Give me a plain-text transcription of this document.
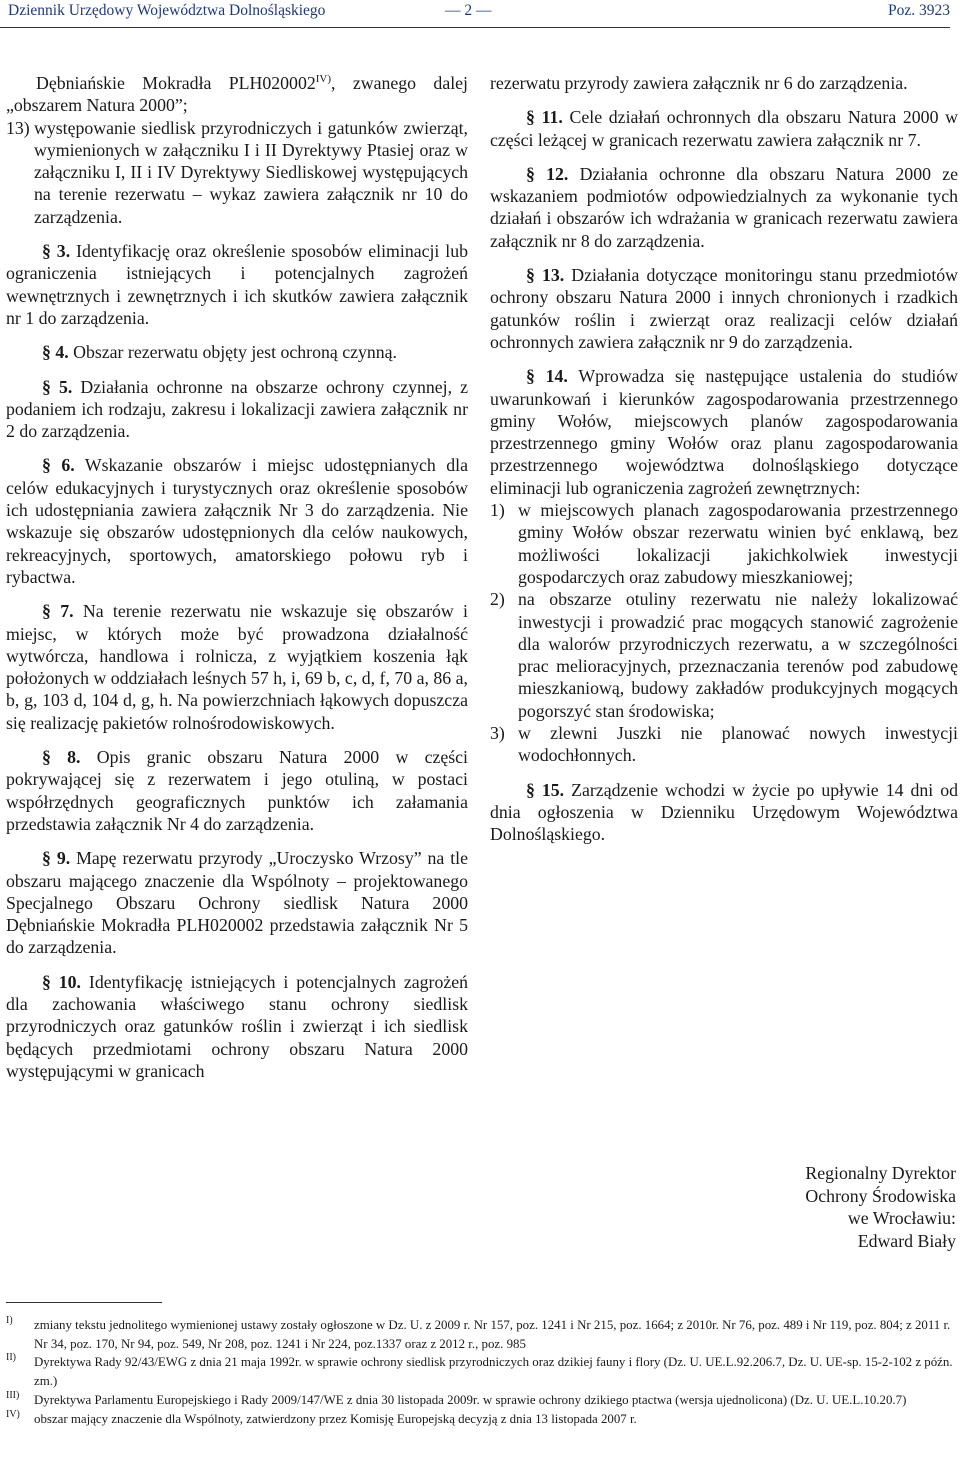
Dziennik Urzędowy Województwa Dolnośląskiego	— 2 —	Poz. 3923

Dębniańskie Mokradła $PLH020002^{IV)}$, zwanego dalej „obszarem Natura 2000”;

13) występowanie siedlisk przyrodniczych i gatunków zwierząt, wymienionych w załączniku I i II Dyrektywy Ptasiej oraz w załączniku I, II i IV Dyrektywy Siedliskowej występujących na terenie rezerwatu – wykaz zawiera załącznik nr 10 do zarządzenia.

§ 3. Identyfikację oraz określenie sposobów eliminacji lub ograniczenia istniejących i potencjalnych zagrożeń wewnętrznych i zewnętrznych i ich skutków zawiera załącznik nr 1 do zarządzenia.

§ 4. Obszar rezerwatu objęty jest ochroną czynną.

§ 5. Działania ochronne na obszarze ochrony czynnej, z podaniem ich rodzaju, zakresu i lokalizacji zawiera załącznik nr 2 do zarządzenia.

§ 6. Wskazanie obszarów i miejsc udostępnianych dla celów edukacyjnych i turystycznych oraz określenie sposobów ich udostępniania zawiera załącznik Nr 3 do zarządzenia. Nie wskazuje się obszarów udostępnionych dla celów naukowych, rekreacyjnych, sportowych, amatorskiego połowu ryb i rybactwa.

§ 7. Na terenie rezerwatu nie wskazuje się obszarów i miejsc, w których może być prowadzona działalność wytwórcza, handlowa i rolnicza, z wyjątkiem koszenia łąk położonych w oddziałach leśnych 57 h, i, 69 b, c, d, f, 70 a, 86 a, b, g, 103 d, 104 d, g, h. Na powierzchniach łąkowych dopuszcza się realizację pakietów rolnośrodowiskowych.

§ 8. Opis granic obszaru Natura 2000 w części pokrywającej się z rezerwatem i jego otuliną, w postaci współrzędnych geograficznych punktów ich załamania przedstawia załącznik Nr 4 do zarządzenia.

§ 9. Mapę rezerwatu przyrody „Uroczysko Wrzosy” na tle obszaru mającego znaczenie dla Wspólnoty – projektowanego Specjalnego Obszaru Ochrony siedlisk Natura 2000 Dębniańskie Mokradła PLH020002 przedstawia załącznik Nr 5 do zarządzenia.

§ 10. Identyfikację istniejących i potencjalnych zagrożeń dla zachowania właściwego stanu ochrony siedlisk przyrodniczych oraz gatunków roślin i zwierząt i ich siedlisk będących przedmiotami ochrony obszaru Natura 2000 występującymi w granicach

rezerwatu przyrody zawiera załącznik nr 6 do zarządzenia.

§ 11. Cele działań ochronnych dla obszaru Natura 2000 w części leżącej w granicach rezerwatu zawiera załącznik nr 7.

§ 12. Działania ochronne dla obszaru Natura 2000 ze wskazaniem podmiotów odpowiedzialnych za wykonanie tych działań i obszarów ich wdrażania w granicach rezerwatu zawiera załącznik nr 8 do zarządzenia.

§ 13. Działania dotyczące monitoringu stanu przedmiotów ochrony obszaru Natura 2000 i innych chronionych i rzadkich gatunków roślin i zwierząt oraz realizacji celów działań ochronnych zawiera załącznik nr 9 do zarządzenia.

§ 14. Wprowadza się następujące ustalenia do studiów uwarunkowań i kierunków zagospodarowania przestrzennego gminy Wołów, miejscowych planów zagospodarowania przestrzennego gminy Wołów oraz planu zagospodarowania przestrzennego województwa dolnośląskiego dotyczące eliminacji lub ograniczenia zagrożeń zewnętrznych:

1) w miejscowych planach zagospodarowania przestrzennego gminy Wołów obszar rezerwatu winien być enklawą, bez możliwości lokalizacji jakichkolwiek inwestycji gospodarczych oraz zabudowy mieszkaniowej;
2) na obszarze otuliny rezerwatu nie należy lokalizować inwestycji i prowadzić prac mogących stanowić zagrożenie dla walorów przyrodniczych rezerwatu, a w szczególności prac melioracyjnych, przeznaczania terenów pod zabudowę mieszkaniową, budowy zakładów produkcyjnych mogących pogorszyć stan środowiska;
3) w zlewni Juszki nie planować nowych inwestycji wodochłonnych.

§ 15. Zarządzenie wchodzi w życie po upływie 14 dni od dnia ogłoszenia w Dzienniku Urzędowym Województwa Dolnośląskiego.

Regionalny Dyrektor
Ochrony Środowiska
we Wrocławiu:
Edward Biały
I) zmiany tekstu jednolitego wymienionej ustawy zostały ogłoszone w Dz. U. z 2009 r. Nr 157, poz. 1241 i Nr 215, poz. 1664; z 2010r. Nr 76, poz. 489 i Nr 119, poz. 804; z 2011 r. Nr 34, poz. 170, Nr 94, poz. 549, Nr 208, poz. 1241 i Nr 224, poz.1337 oraz z 2012 r., poz. 985
II) Dyrektywa Rady 92/43/EWG z dnia 21 maja 1992r. w sprawie ochrony siedlisk przyrodniczych oraz dzikiej fauny i flory (Dz. U. UE.L.92.206.7, Dz. U. UE-sp. 15-2-102 z późn. zm.)
III) Dyrektywa Parlamentu Europejskiego i Rady 2009/147/WE z dnia 30 listopada 2009r. w sprawie ochrony dzikiego ptactwa (wersja ujednolicona) (Dz. U. UE.L.10.20.7)
IV) obszar mający znaczenie dla Wspólnoty, zatwierdzony przez Komisję Europejską decyzją z dnia 13 listopada 2007 r.
